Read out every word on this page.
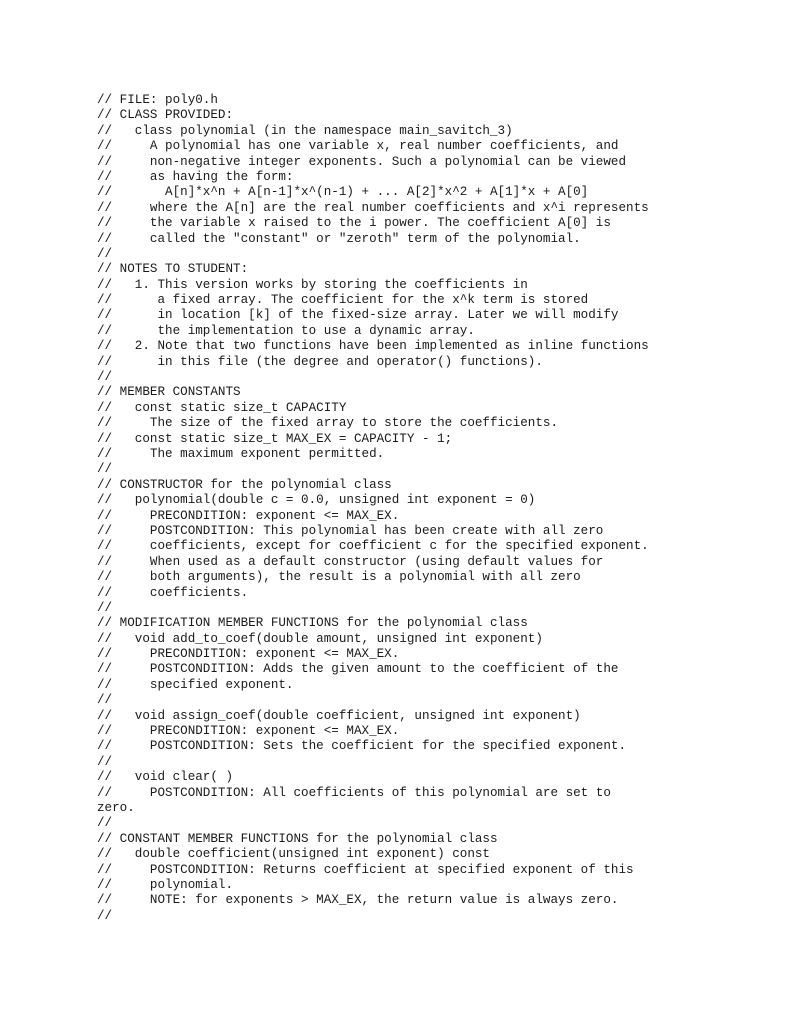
// FILE: poly0.h
// CLASS PROVIDED:
//   class polynomial (in the namespace main_savitch_3)
//     A polynomial has one variable x, real number coefficients, and
//     non-negative integer exponents. Such a polynomial can be viewed
//     as having the form:
//       A[n]*x^n + A[n-1]*x^(n-1) + ... A[2]*x^2 + A[1]*x + A[0]
//     where the A[n] are the real number coefficients and x^i represents
//     the variable x raised to the i power. The coefficient A[0] is
//     called the "constant" or "zeroth" term of the polynomial.
//
// NOTES TO STUDENT:
//   1. This version works by storing the coefficients in
//      a fixed array. The coefficient for the x^k term is stored
//      in location [k] of the fixed-size array. Later we will modify
//      the implementation to use a dynamic array.
//   2. Note that two functions have been implemented as inline functions
//      in this file (the degree and operator() functions).
//
// MEMBER CONSTANTS
//   const static size_t CAPACITY
//     The size of the fixed array to store the coefficients.
//   const static size_t MAX_EX = CAPACITY - 1;
//     The maximum exponent permitted.
//
// CONSTRUCTOR for the polynomial class
//   polynomial(double c = 0.0, unsigned int exponent = 0)
//     PRECONDITION: exponent <= MAX_EX.
//     POSTCONDITION: This polynomial has been create with all zero
//     coefficients, except for coefficient c for the specified exponent.
//     When used as a default constructor (using default values for
//     both arguments), the result is a polynomial with all zero
//     coefficients.
//
// MODIFICATION MEMBER FUNCTIONS for the polynomial class
//   void add_to_coef(double amount, unsigned int exponent)
//     PRECONDITION: exponent <= MAX_EX.
//     POSTCONDITION: Adds the given amount to the coefficient of the
//     specified exponent.
//
//   void assign_coef(double coefficient, unsigned int exponent)
//     PRECONDITION: exponent <= MAX_EX.
//     POSTCONDITION: Sets the coefficient for the specified exponent.
//
//   void clear( )
//     POSTCONDITION: All coefficients of this polynomial are set to
zero.
//
// CONSTANT MEMBER FUNCTIONS for the polynomial class
//   double coefficient(unsigned int exponent) const
//     POSTCONDITION: Returns coefficient at specified exponent of this
//     polynomial.
//     NOTE: for exponents > MAX_EX, the return value is always zero.
//
